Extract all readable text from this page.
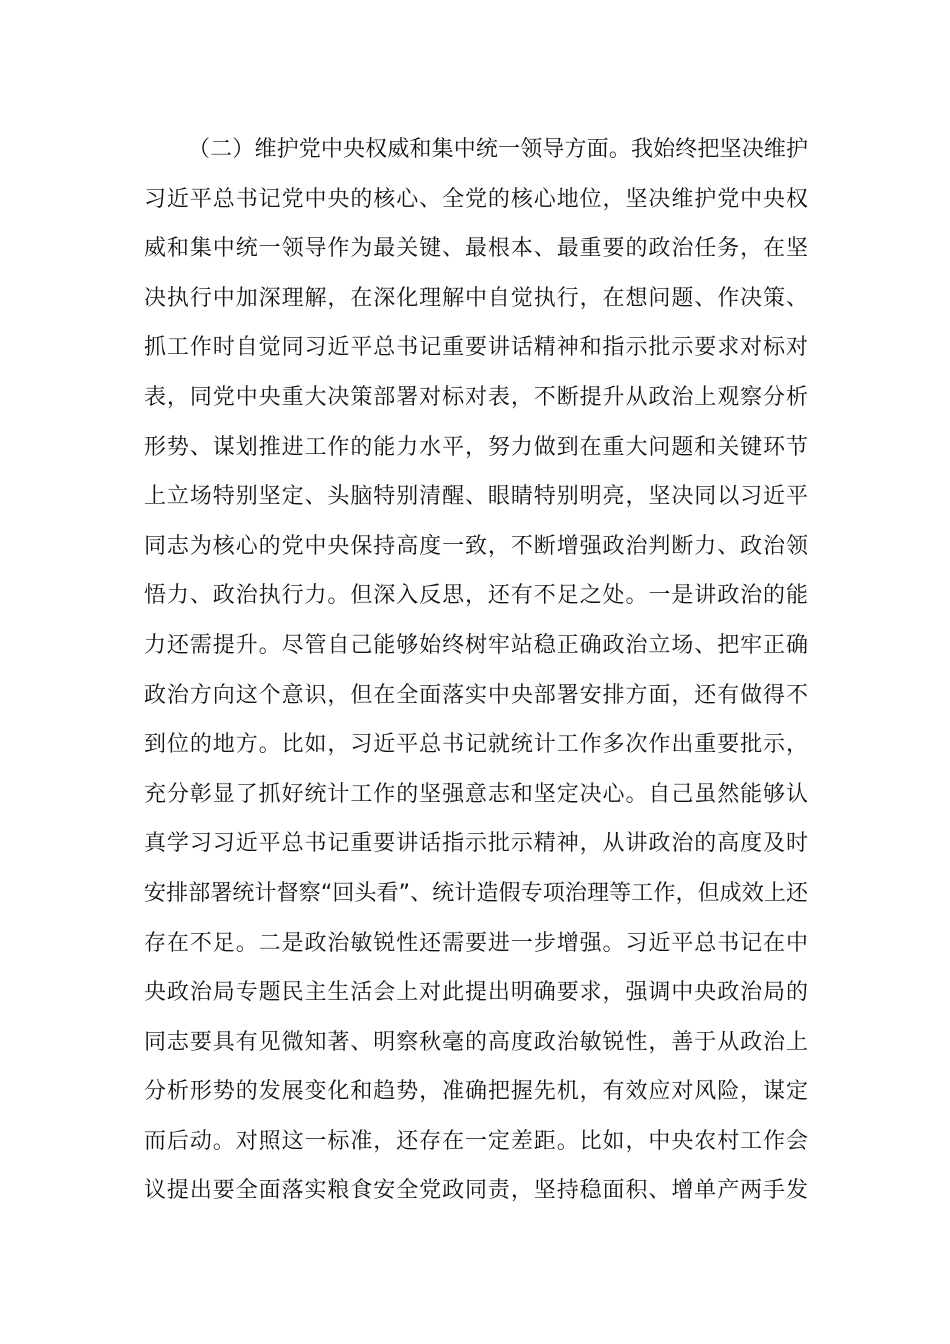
（二）维护党中央权威和集中统一领导方面。我始终把坚决维护
习近平总书记党中央的核心、全党的核心地位，坚决维护党中央权
威和集中统一领导作为最关键、最根本、最重要的政治任务，在坚
决执行中加深理解，在深化理解中自觉执行，在想问题、作决策、
抓工作时自觉同习近平总书记重要讲话精神和指示批示要求对标对
表，同党中央重大决策部署对标对表，不断提升从政治上观察分析
形势、谋划推进工作的能力水平，努力做到在重大问题和关键环节
上立场特别坚定、头脑特别清醒、眼睛特别明亮，坚决同以习近平
同志为核心的党中央保持高度一致，不断增强政治判断力、政治领
悟力、政治执行力。但深入反思，还有不足之处。一是讲政治的能
力还需提升。尽管自己能够始终树牢站稳正确政治立场、把牢正确
政治方向这个意识，但在全面落实中央部署安排方面，还有做得不
到位的地方。比如，习近平总书记就统计工作多次作出重要批示，
充分彰显了抓好统计工作的坚强意志和坚定决心。自己虽然能够认
真学习习近平总书记重要讲话指示批示精神，从讲政治的高度及时
安排部署统计督察“回头看”、统计造假专项治理等工作，但成效上还
存在不足。二是政治敏锐性还需要进一步增强。习近平总书记在中
央政治局专题民主生活会上对此提出明确要求，强调中央政治局的
同志要具有见微知著、明察秋毫的高度政治敏锐性，善于从政治上
分析形势的发展变化和趋势，准确把握先机，有效应对风险，谋定
而后动。对照这一标准，还存在一定差距。比如，中央农村工作会
议提出要全面落实粮食安全党政同责，坚持稳面积、增单产两手发
